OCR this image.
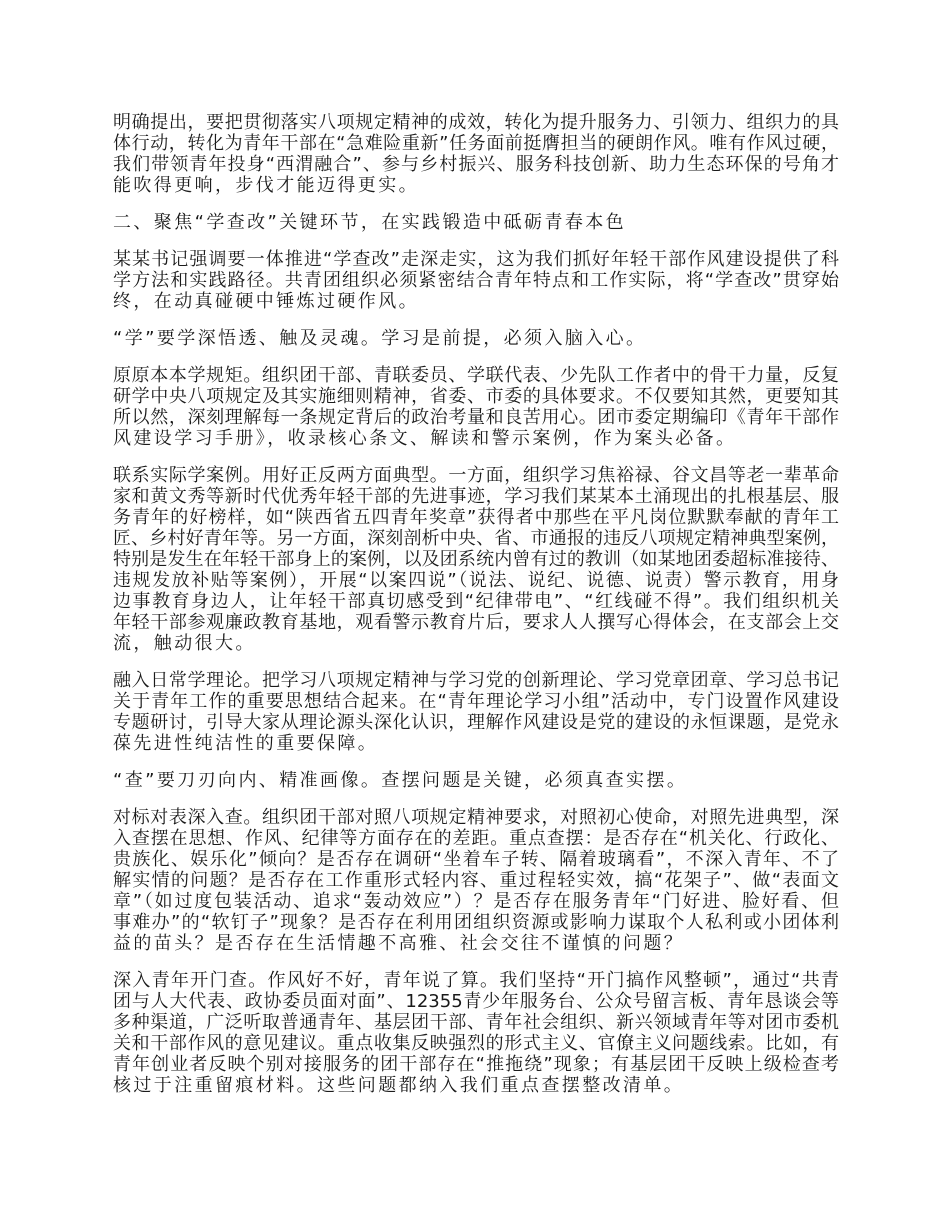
明确提出，要把贯彻落实八项规定精神的成效，转化为提升服务力、引领力、组织力的具
体行动，转化为青年干部在“急难险重新”任务面前挺膺担当的硬朗作风。唯有作风过硬，
我们带领青年投身“西渭融合”、参与乡村振兴、服务科技创新、助力生态环保的号角才
能吹得更响，步伐才能迈得更实。
二、聚焦“学查改”关键环节，在实践锻造中砥砺青春本色
某某书记强调要一体推进“学查改”走深走实，这为我们抓好年轻干部作风建设提供了科
学方法和实践路径。共青团组织必须紧密结合青年特点和工作实际，将“学查改”贯穿始
终，在动真碰硬中锤炼过硬作风。
“学”要学深悟透、触及灵魂。学习是前提，必须入脑入心。
原原本本学规矩。组织团干部、青联委员、学联代表、少先队工作者中的骨干力量，反复
研学中央八项规定及其实施细则精神，省委、市委的具体要求。不仅要知其然，更要知其
所以然，深刻理解每一条规定背后的政治考量和良苦用心。团市委定期编印《青年干部作
风建设学习手册》，收录核心条文、解读和警示案例，作为案头必备。
联系实际学案例。用好正反两方面典型。一方面，组织学习焦裕禄、谷文昌等老一辈革命
家和黄文秀等新时代优秀年轻干部的先进事迹，学习我们某某本土涌现出的扎根基层、服
务青年的好榜样，如“陕西省五四青年奖章”获得者中那些在平凡岗位默默奉献的青年工
匠、乡村好青年等。另一方面，深刻剖析中央、省、市通报的违反八项规定精神典型案例，
特别是发生在年轻干部身上的案例，以及团系统内曾有过的教训（如某地团委超标准接待、
违规发放补贴等案例），开展“以案四说”（说法、说纪、说德、说责）警示教育，用身
边事教育身边人，让年轻干部真切感受到“纪律带电”、“红线碰不得”。我们组织机关
年轻干部参观廉政教育基地，观看警示教育片后，要求人人撰写心得体会，在支部会上交
流，触动很大。
融入日常学理论。把学习八项规定精神与学习党的创新理论、学习党章团章、学习总书记
关于青年工作的重要思想结合起来。在“青年理论学习小组”活动中，专门设置作风建设
专题研讨，引导大家从理论源头深化认识，理解作风建设是党的建设的永恒课题，是党永
葆先进性纯洁性的重要保障。
“查”要刀刃向内、精准画像。查摆问题是关键，必须真查实摆。
对标对表深入查。组织团干部对照八项规定精神要求，对照初心使命，对照先进典型，深
入查摆在思想、作风、纪律等方面存在的差距。重点查摆：是否存在“机关化、行政化、
贵族化、娱乐化”倾向？是否存在调研“坐着车子转、隔着玻璃看”，不深入青年、不了
解实情的问题？是否存在工作重形式轻内容、重过程轻实效，搞“花架子”、做“表面文
章”（如过度包装活动、追求“轰动效应”）？是否存在服务青年“门好进、脸好看、但
事难办”的“软钉子”现象？是否存在利用团组织资源或影响力谋取个人私利或小团体利
益的苗头？是否存在生活情趣不高雅、社会交往不谨慎的问题？
深入青年开门查。作风好不好，青年说了算。我们坚持“开门搞作风整顿”，通过“共青
团与人大代表、政协委员面对面”、12355青少年服务台、公众号留言板、青年恳谈会等
多种渠道，广泛听取普通青年、基层团干部、青年社会组织、新兴领域青年等对团市委机
关和干部作风的意见建议。重点收集反映强烈的形式主义、官僚主义问题线索。比如，有
青年创业者反映个别对接服务的团干部存在“推拖绕”现象；有基层团干反映上级检查考
核过于注重留痕材料。这些问题都纳入我们重点查摆整改清单。
